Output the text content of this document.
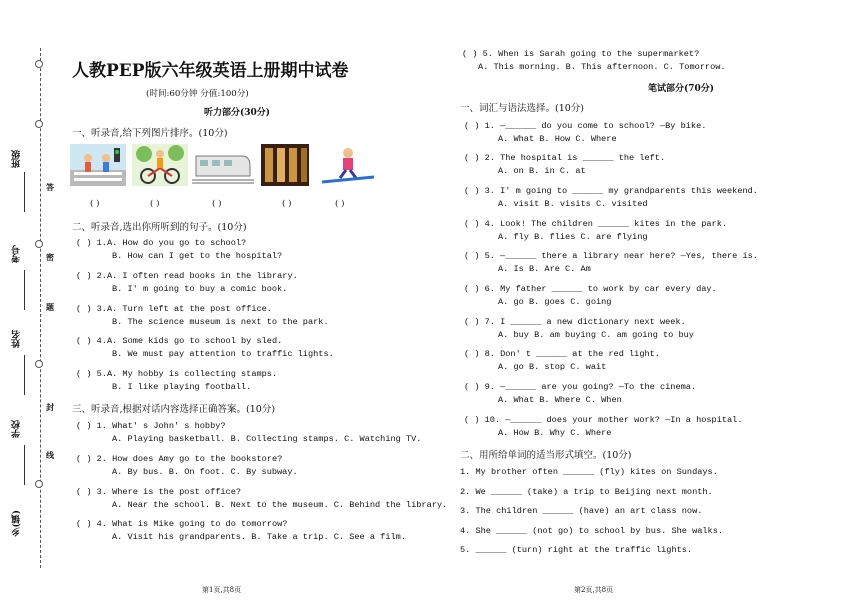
答
密
题
封
线
班级
考号
姓名
学校
乡(镇)
人教PEP版六年级英语上册期中试卷
(时间:60分钟 分值:100分)
听力部分(30分)
一、听录音,给下列图片排序。(10分)
( )	( )	( )	( )	( )
二、听录音,选出你所听到的句子。(10分)
( ) 1.A. How do you go to school?
B. How can I get to the hospital?
( ) 2.A. I often read books in the library.
B. I' m going to buy a comic book.
( ) 3.A. Turn left at the post office.
B. The science museum is next to the park.
( ) 4.A. Some kids go to school by sled.
B. We must pay attention to traffic lights.
( ) 5.A. My hobby is collecting stamps.
B. I like playing football.
三、听录音,根据对话内容选择正确答案。(10分)
( ) 1. What' s John' s hobby?
A. Playing basketball. B. Collecting stamps. C. Watching TV.
( ) 2. How does Amy go to the bookstore?
A. By bus. B. On foot. C. By subway.
( ) 3. Where is the post office?
A. Near the school. B. Next to the museum. C. Behind the library.
( ) 4. What is Mike going to do tomorrow?
A. Visit his grandparents. B. Take a trip. C. See a film.
第1页,共8页
( ) 5. When is Sarah going to the supermarket?
A. This morning. B. This afternoon. C. Tomorrow.
笔试部分(70分)
一、词汇与语法选择。(10分)
( ) 1. —______ do you come to school? —By bike.
A. What B. How C. Where
( ) 2. The hospital is ______ the left.
A. on B. in C. at
( ) 3. I' m going to ______ my grandparents this weekend.
A. visit B. visits C. visited
( ) 4. Look! The children ______ kites in the park.
A. fly B. flies C. are flying
( ) 5. —______ there a library near here? —Yes, there is.
A. Is B. Are C. Am
( ) 6. My father ______ to work by car every day.
A. go B. goes C. going
( ) 7. I ______ a new dictionary next week.
A. buy B. am buying C. am going to buy
( ) 8. Don' t ______ at the red light.
A. go B. stop C. wait
( ) 9. —______ are you going? —To the cinema.
A. What B. Where C. When
( ) 10. —______ does your mother work? —In a hospital.
A. How B. Why C. Where
二、用所给单词的适当形式填空。(10分)
1. My brother often ______ (fly) kites on Sundays.
2. We ______ (take) a trip to Beijing next month.
3. The children ______ (have) an art class now.
4. She ______ (not go) to school by bus. She walks.
5. ______ (turn) right at the traffic lights.
第2页,共8页
